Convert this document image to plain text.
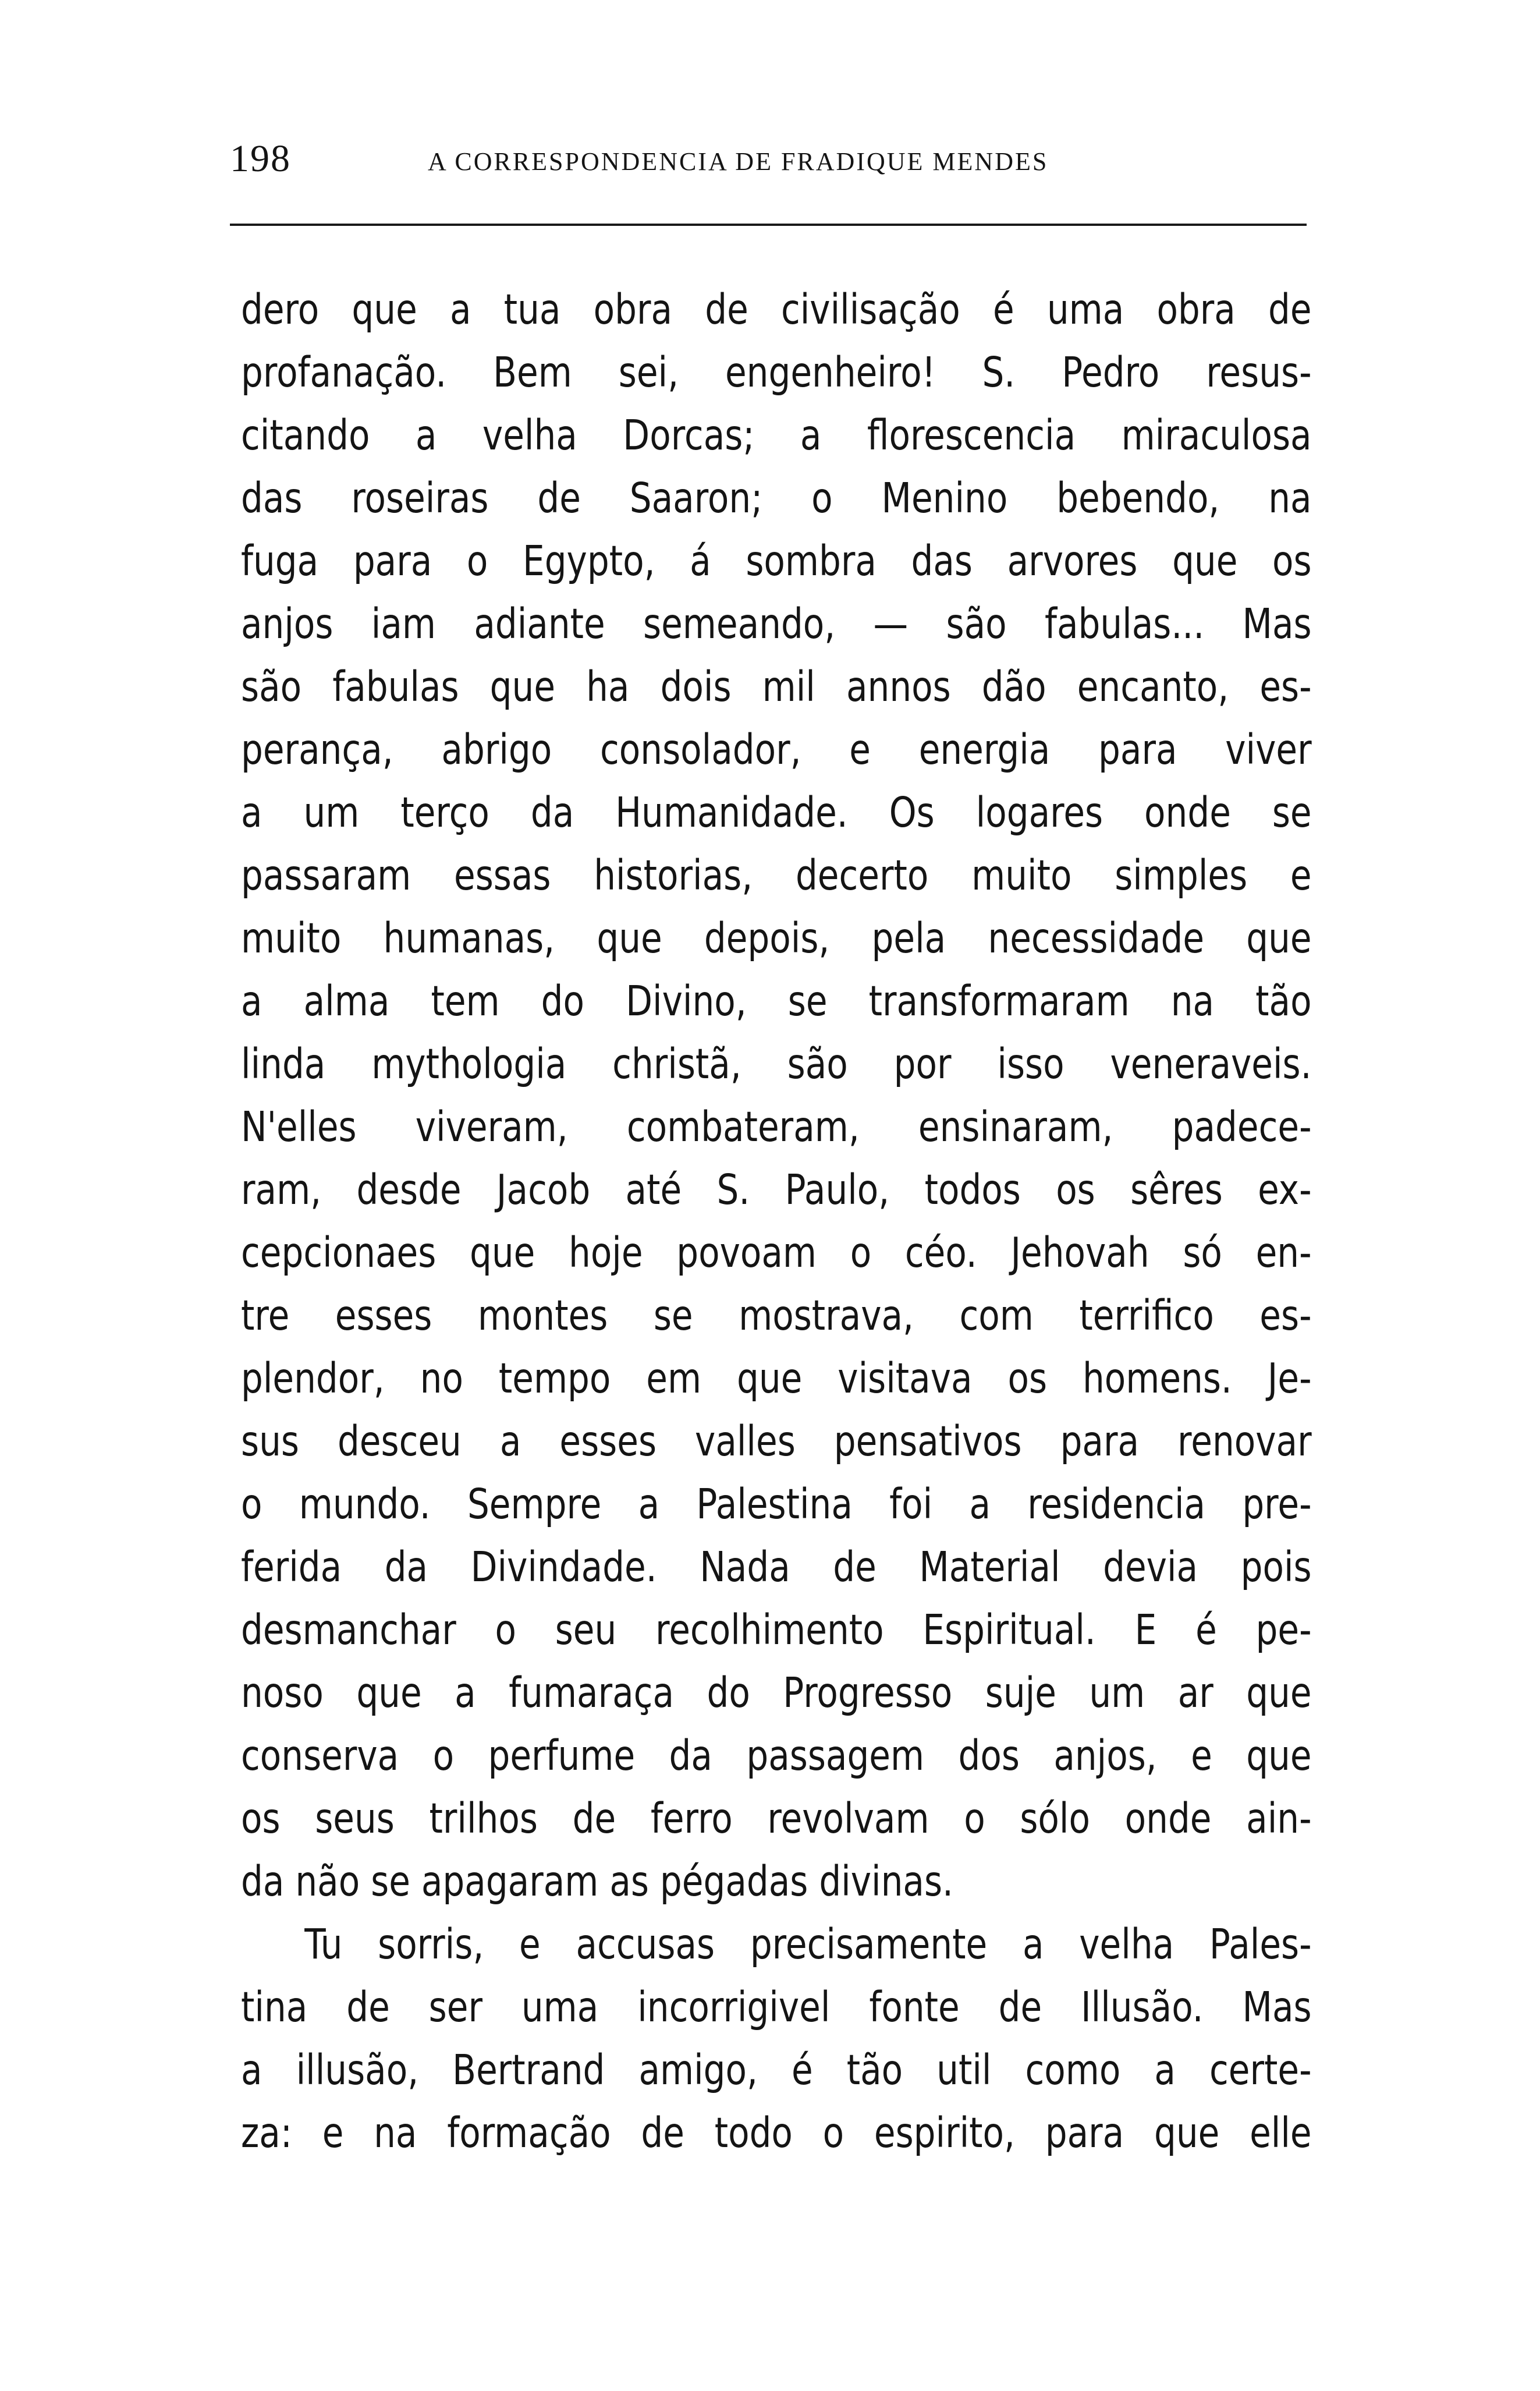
198	A CORRESPONDENCIA DE FRADIQUE MENDES
dero que a tua obra de civilisação é uma obra de
profanação. Bem sei, engenheiro! S. Pedro resus-
citando a velha Dorcas; a florescencia miraculosa
das roseiras de Saaron; o Menino bebendo, na
fuga para o Egypto, á sombra das arvores que os
anjos iam adiante semeando, — são fabulas... Mas
são fabulas que ha dois mil annos dão encanto, es-
perança, abrigo consolador, e energia para viver
a um terço da Humanidade. Os logares onde se
passaram essas historias, decerto muito simples e
muito humanas, que depois, pela necessidade que
a alma tem do Divino, se transformaram na tão
linda mythologia christã, são por isso veneraveis.
N'elles viveram, combateram, ensinaram, padece-
ram, desde Jacob até S. Paulo, todos os sêres ex-
cepcionaes que hoje povoam o céo. Jehovah só en-
tre esses montes se mostrava, com terrifico es-
plendor, no tempo em que visitava os homens. Je-
sus desceu a esses valles pensativos para renovar
o mundo. Sempre a Palestina foi a residencia pre-
ferida da Divindade. Nada de Material devia pois
desmanchar o seu recolhimento Espiritual. E é pe-
noso que a fumaraça do Progresso suje um ar que
conserva o perfume da passagem dos anjos, e que
os seus trilhos de ferro revolvam o sólo onde ain-
da não se apagaram as pégadas divinas.
Tu sorris, e accusas precisamente a velha Pales-
tina de ser uma incorrigivel fonte de Illusão. Mas
a illusão, Bertrand amigo, é tão util como a certe-
za: e na formação de todo o espirito, para que elle
